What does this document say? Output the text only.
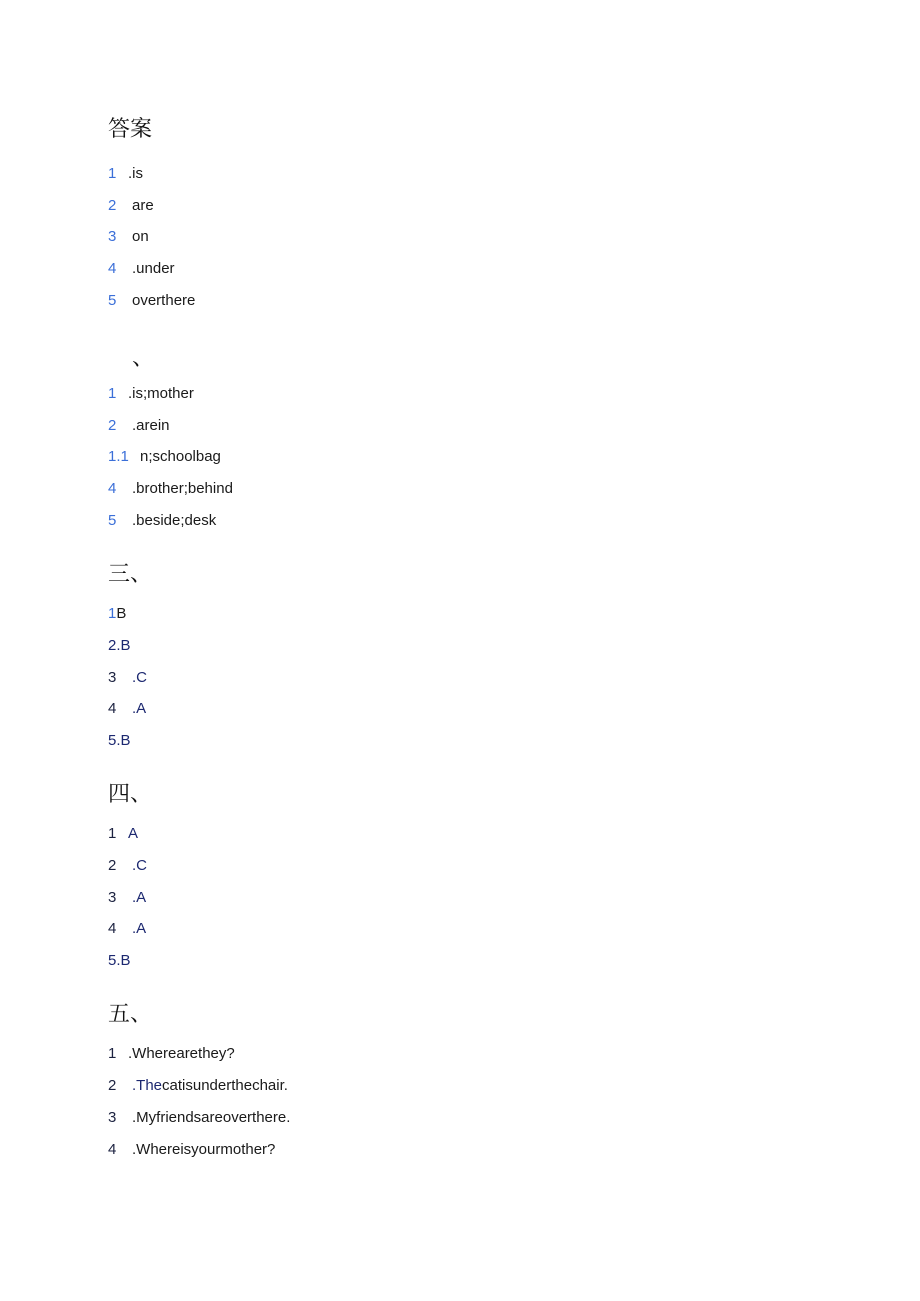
答案
1 .is
2 are
3 on
4 .under
5 overthere
、
1 .is;mother
2 .arein
1.1 n;schoolbag
4 .brother;behind
5 .beside;desk
三、
1B
2.B
3 .C
4 .A
5.B
四、
1 A
2 .C
3 .A
4 .A
5.B
五、
1 .Wherearethey?
2 .Thecatisunderthechair.
3 .Myfriendsareoverthere.
4 .Whereisyourmother?
